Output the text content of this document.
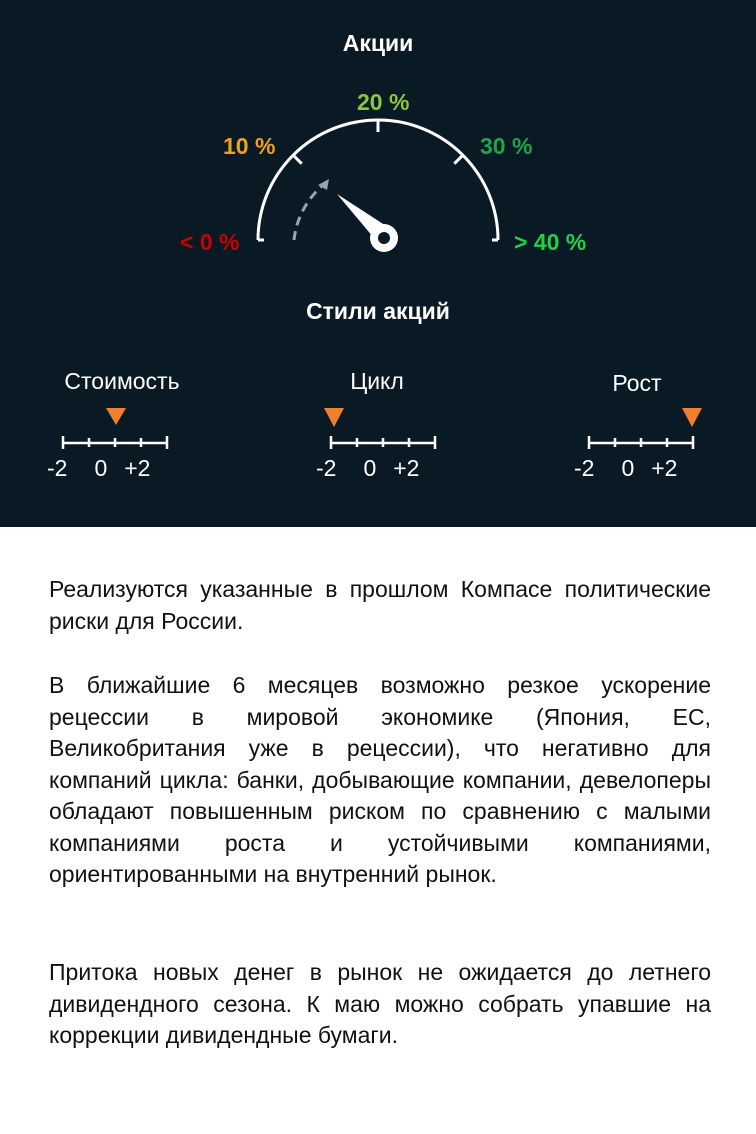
Акции
< 0 %
10 %
20 %
30 %
> 40 %
Стили акций
Стоимость
-2 0 +2
Цикл
-2 0 +2
Рост
-2 0 +2

Реализуются указанные в прошлом Компасе политические риски для России.

В ближайшие 6 месяцев возможно резкое ускорение рецессии в мировой экономике (Япония, ЕС, Великобритания уже в рецессии), что негативно для компаний цикла: банки, добывающие компании, девелоперы обладают повышенным риском по сравнению с малыми компаниями роста и устойчивыми компаниями, ориентированными на внутренний рынок.

Притока новых денег в рынок не ожидается до летнего дивидендного сезона. К маю можно собрать упавшие на коррекции дивидендные бумаги.
